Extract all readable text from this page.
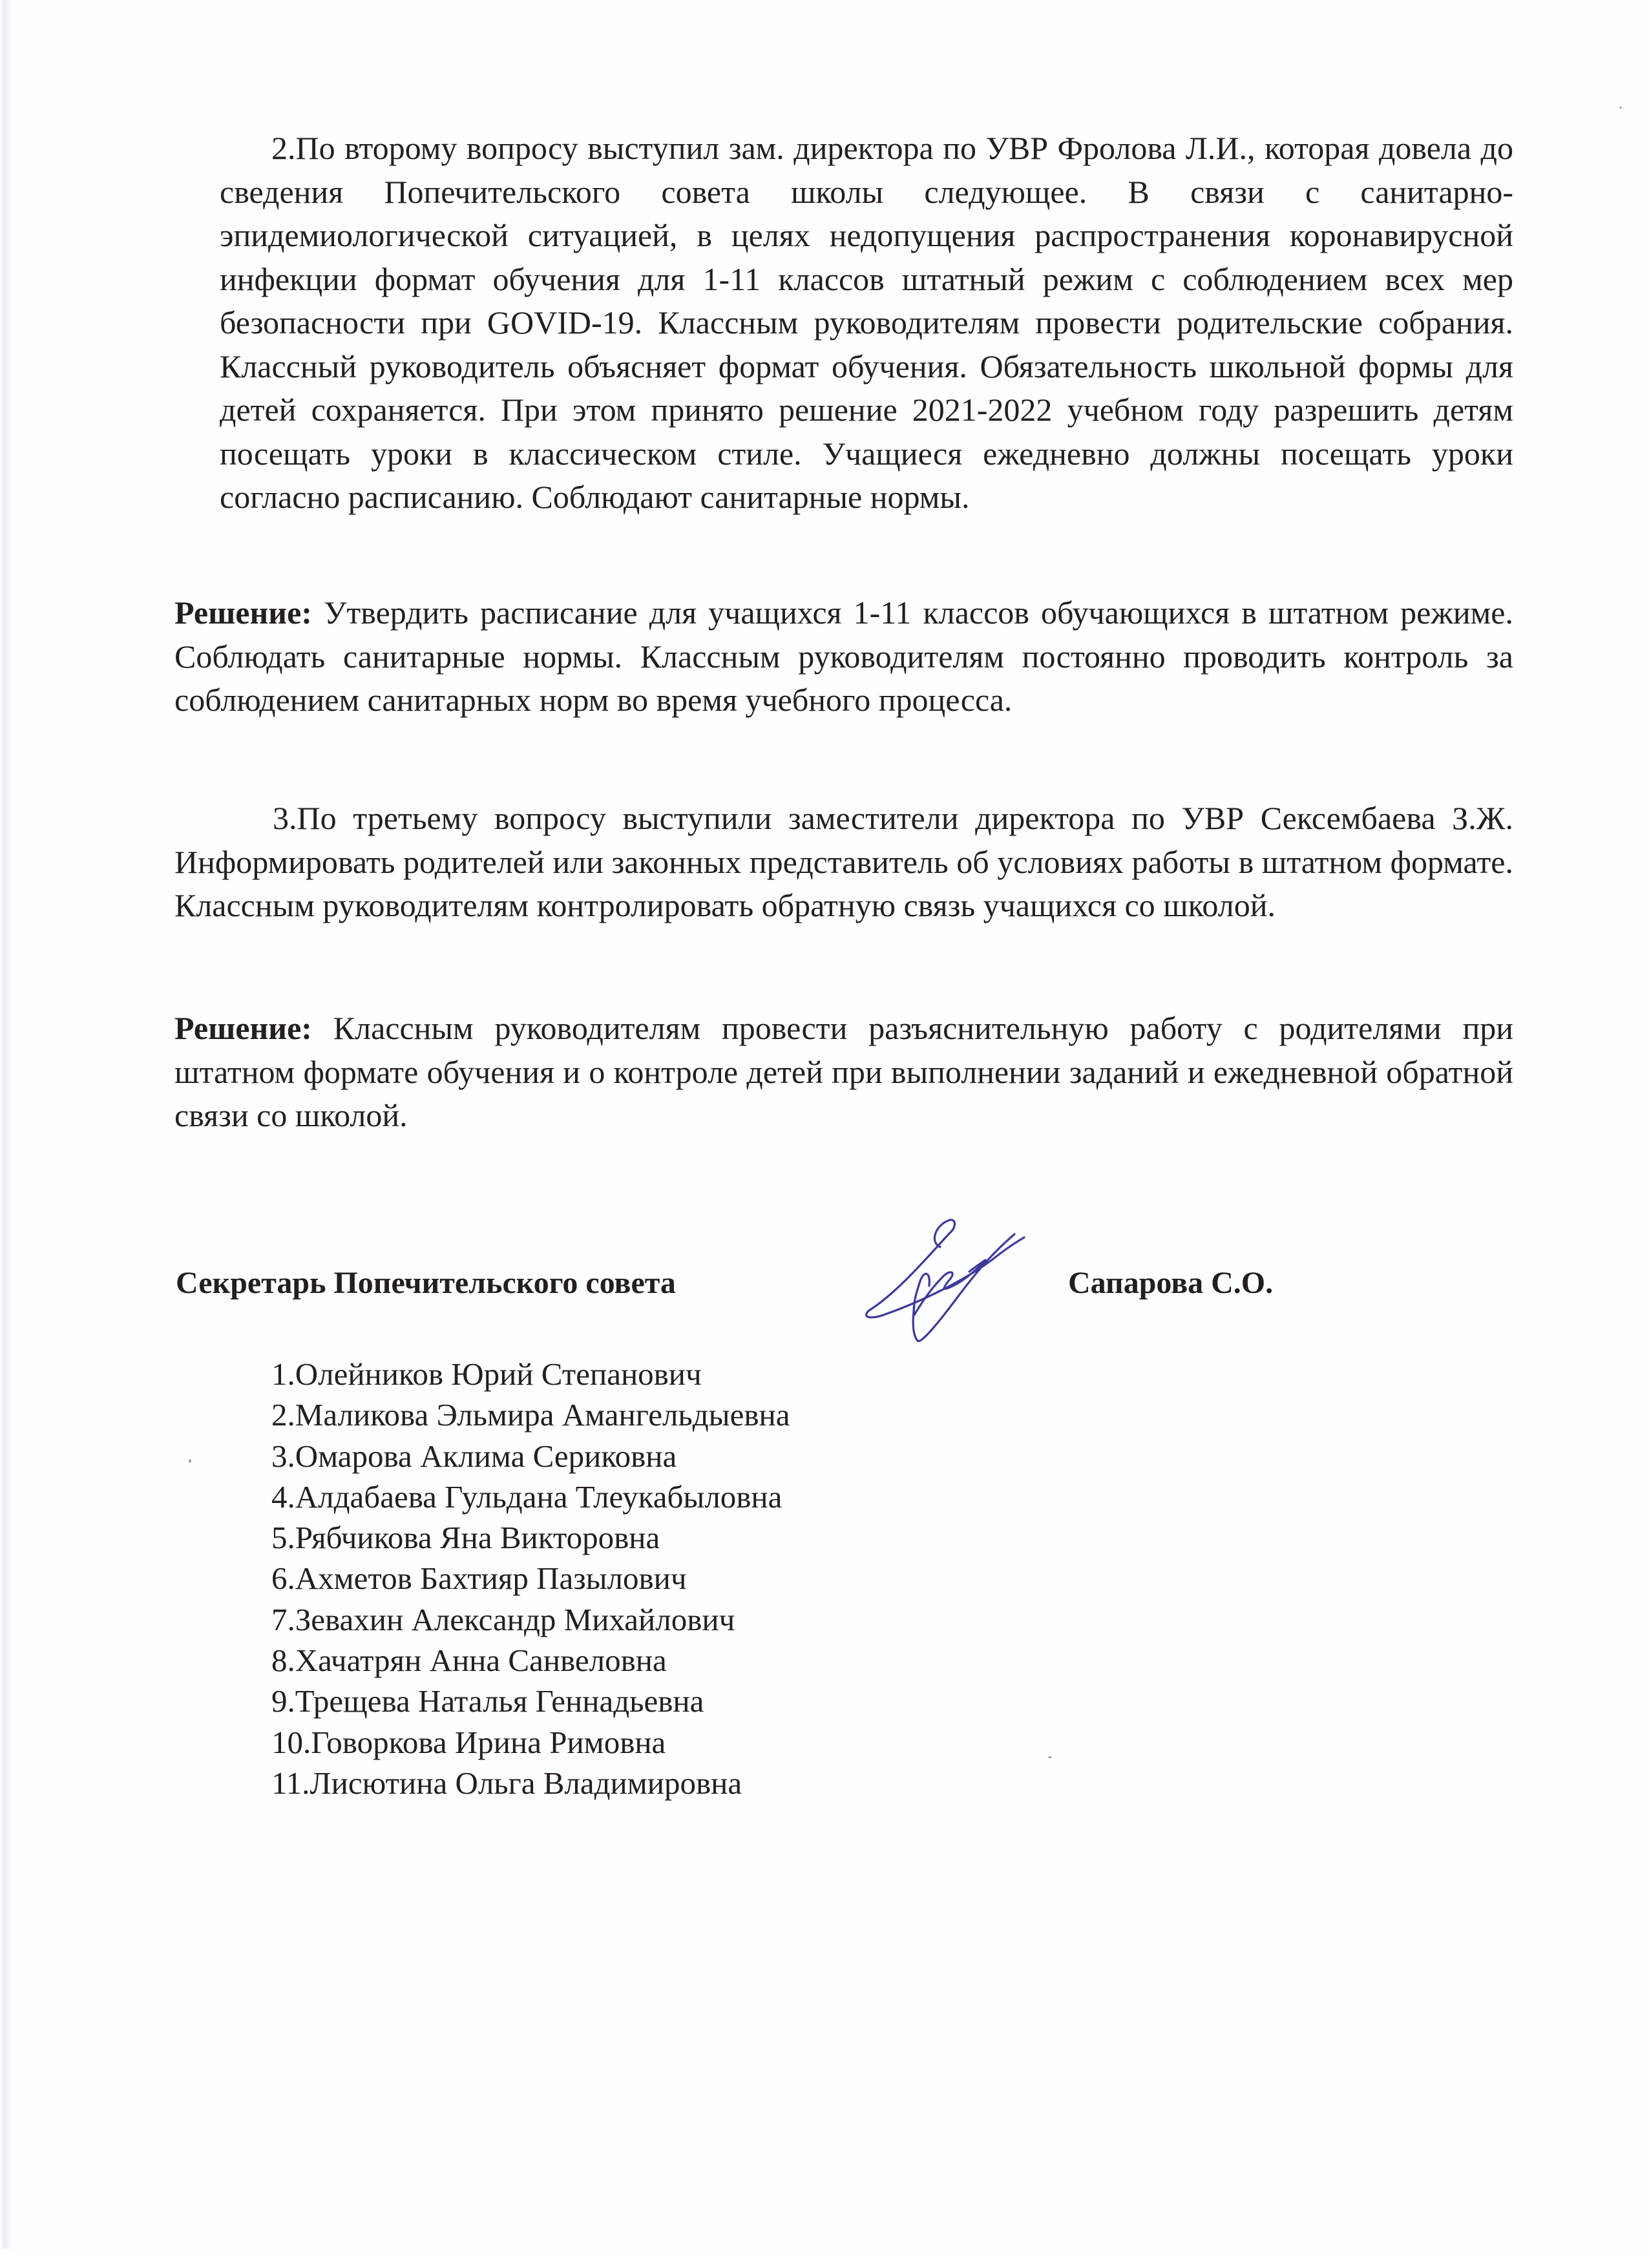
2.По второму вопросу выступил зам. директора по УВР Фролова Л.И., которая довела до сведения Попечительского совета школы следующее. В связи с санитарно-эпидемиологической ситуацией, в целях недопущения распространения коронавирусной инфекции формат обучения для 1-11 классов штатный режим с соблюдением всех мер безопасности при GOVID-19. Классным руководителям провести родительские собрания. Классный руководитель объясняет формат обучения. Обязательность школьной формы для детей сохраняется. При этом принято решение 2021-2022 учебном году разрешить детям посещать уроки в классическом стиле. Учащиеся ежедневно должны посещать уроки согласно расписанию. Соблюдают санитарные нормы.

Решение: Утвердить расписание для учащихся 1-11 классов обучающихся в штатном режиме. Соблюдать санитарные нормы. Классным руководителям постоянно проводить контроль за соблюдением санитарных норм во время учебного процесса.

3.По третьему вопросу выступили заместители директора по УВР Сексембаева З.Ж. Информировать родителей или законных представитель об условиях работы в штатном формате. Классным руководителям контролировать обратную связь учащихся со школой.

Решение: Классным руководителям провести разъяснительную работу с родителями при штатном формате обучения и о контроле детей при выполнении заданий и ежедневной обратной связи со школой.

Секретарь Попечительского совета	Сапарова С.О.
1.Олейников Юрий Степанович
2.Маликова Эльмира Амангельдыевна
3.Омарова Аклима Сериковна
4.Алдабаева Гульдана Тлеукабыловна
5.Рябчикова Яна Викторовна
6.Ахметов Бахтияр Пазылович
7.Зевахин Александр Михайлович
8.Хачатрян Анна Санвеловна
9.Трещева Наталья Геннадьевна
10.Говоркова Ирина Римовна
11.Лисютина Ольга Владимировна
